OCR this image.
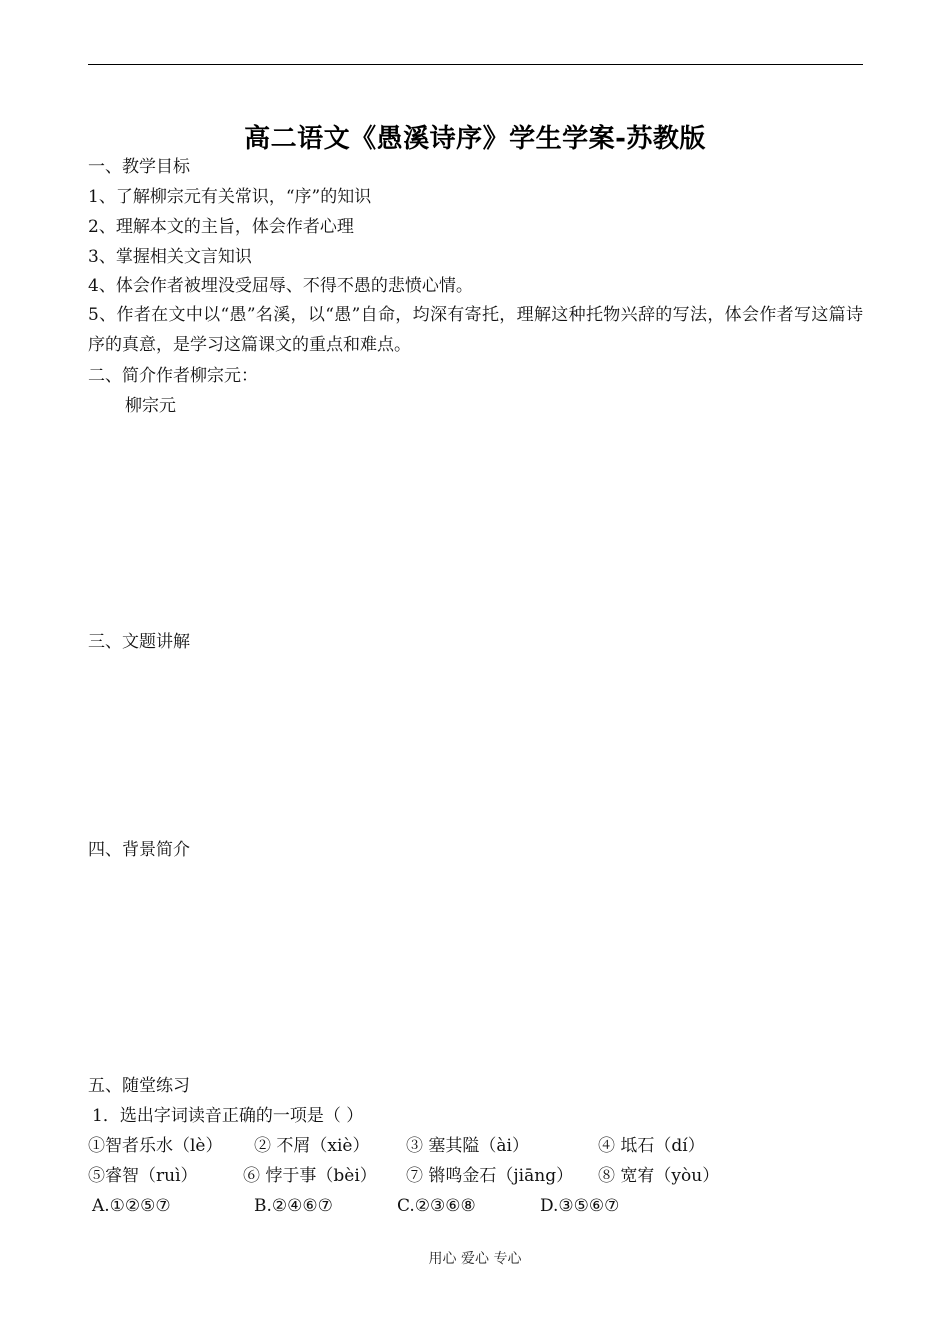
高二语文《愚溪诗序》学生学案-苏教版
一、教学目标
1、了解柳宗元有关常识，“序”的知识
2、理解本文的主旨，体会作者心理
3、掌握相关文言知识
4、体会作者被埋没受屈辱、不得不愚的悲愤心情。
5、作者在文中以“愚”名溪，以“愚”自命，均深有寄托，理解这种托物兴辞的写法，体会作者写这篇诗序的真意，是学习这篇课文的重点和难点。
二、简介作者柳宗元：
柳宗元
三、文题讲解
四、背景简介
五、随堂练习
1．选出字词读音正确的一项是（ ）
①智者乐水（lè） ② 不屑（xiè） ③ 塞其隘（ài）	④ 坻石（dí）
⑤睿智（ruì）	⑥ 悖于事（bèi） ⑦ 锵鸣金石（jiāng） ⑧ 宽宥（yòu）
A.①②⑤⑦	B.②④⑥⑦	C.②③⑥⑧	D.③⑤⑥⑦
用心 爱心 专心
